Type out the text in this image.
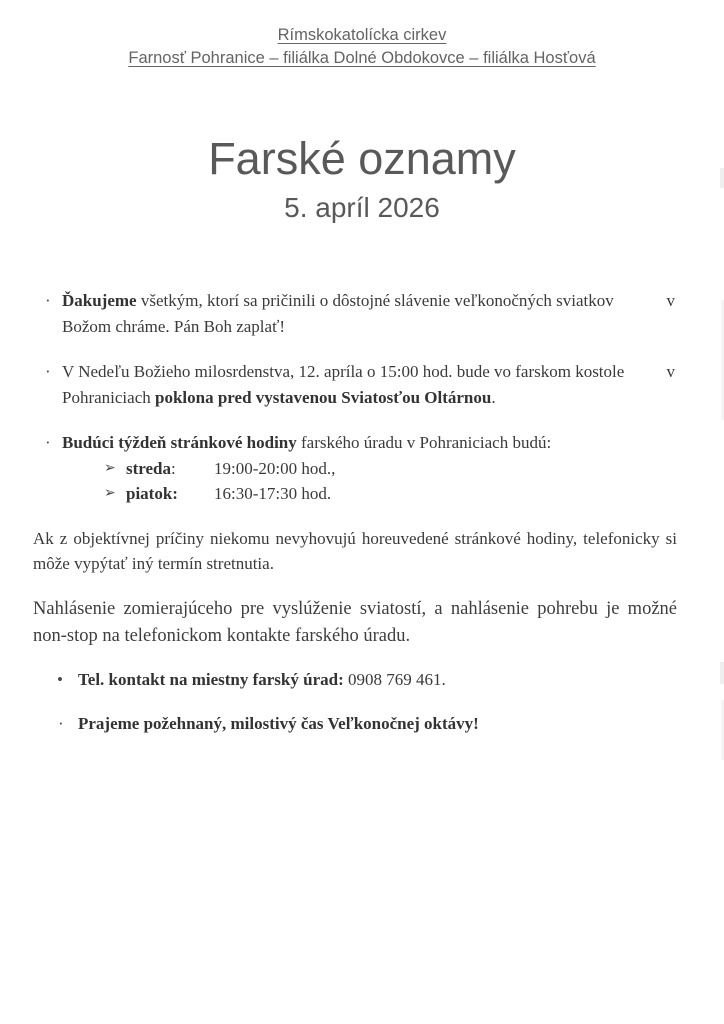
Rímskokatolícka cirkev
Farnosť Pohranice – filiálka Dolné Obdokovce – filiálka Hosťová
Farské oznamy
5. apríl 2026
· Ďakujeme všetkým, ktorí sa pričinili o dôstojné slávenie veľkonočných sviatkov	v
Božom chráme. Pán Boh zaplať!
· V Nedeľu Božieho milosrdenstva, 12. apríla o 15:00 hod. bude vo farskom kostole v
Pohraniciach poklona pred vystavenou Sviatosťou Oltárnou.
· Budúci týždeň stránkové hodiny farského úradu v Pohraniciach budú:
➢ streda:	19:00-20:00 hod.,
➢ piatok:	16:30-17:30 hod.
Ak z objektívnej príčiny niekomu nevyhovujú horeuvedené stránkové hodiny, telefonicky si
môže vypýtať iný termín stretnutia.
Nahlásenie zomierajúceho pre vyslúženie sviatostí, a nahlásenie pohrebu je možné
non-stop na telefonickom kontakte farského úradu.
• Tel. kontakt na miestny farský úrad: 0908 769 461.
· Prajeme požehnaný, milostivý čas Veľkonočnej oktávy!
